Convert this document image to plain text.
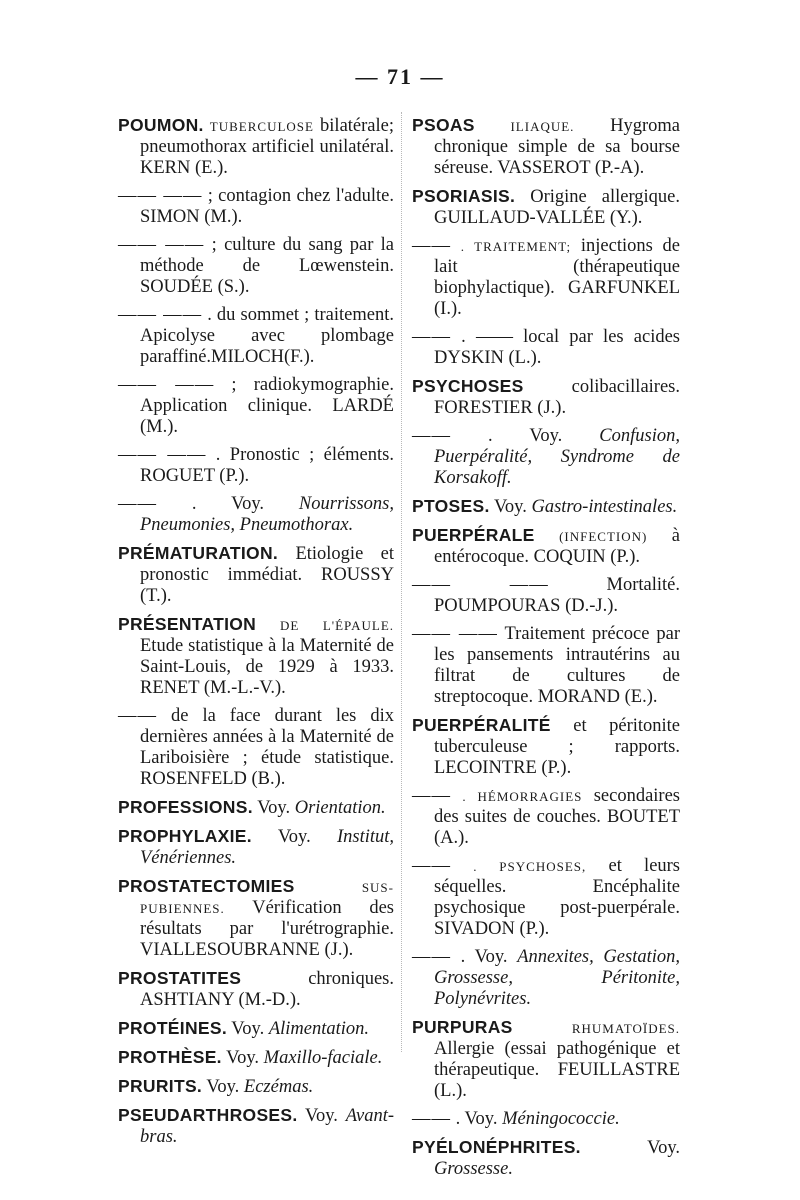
— 71 —

POUMON. TUBERCULOSE bilatérale; pneumothorax artificiel unilatéral. KERN (E.).

—— —— ; contagion chez l'adulte. SIMON (M.).

—— —— ; culture du sang par la méthode de Lœwenstein. SOUDÉE (S.).

—— —— . du sommet ; traitement. Apicolyse avec plombage paraffiné.MILOCH(F.).

—— —— ; radiokymographie. Application clinique. LARDÉ (M.).

—— —— . Pronostic ; éléments. ROGUET (P.).

—— . Voy. Nourrissons, Pneumonies, Pneumothorax.

PRÉMATURATION. Etiologie et pronostic immédiat. ROUSSY (T.).

PRÉSENTATION DE L'ÉPAULE. Etude statistique à la Maternité de Saint-Louis, de 1929 à 1933. RENET (M.-L.-V.).

—— de la face durant les dix dernières années à la Maternité de Lariboisière ; étude statistique. ROSENFELD (B.).

PROFESSIONS. Voy. Orientation.

PROPHYLAXIE. Voy. Institut, Vénériennes.

PROSTATECTOMIES	SUS-PUBIENNES. Vérification des résultats par l'urétrographie. VIALLESOUBRANNE (J.).

PROSTATITES	chroniques. ASHTIANY (M.-D.).

PROTÉINES. Voy. Alimentation.

PROTHÈSE. Voy. Maxillo-faciale.

PRURITS. Voy. Eczémas.

PSEUDARTHROSES. Voy. Avant-bras.

PSOAS	ILIAQUE. Hygroma chronique simple de sa bourse séreuse. VASSEROT (P.-A).

PSORIASIS. Origine allergique. GUILLAUD-VALLÉE (Y.).

—— . TRAITEMENT; injections de lait (thérapeutique biophylactique). GARFUNKEL (I.).

—— . —— local par les acides DYSKIN (L.).

PSYCHOSES	colibacillaires. FORESTIER (J.).

—— . Voy. Confusion, Puerpéralité, Syndrome de Korsakoff.

PTOSES. Voy. Gastro-intestinales.

PUERPÉRALE (INFECTION) à entérocoque. COQUIN (P.).

—— ——	Mortalité. POUMPOURAS (D.-J.).

—— —— Traitement précoce par les pansements intrautérins au filtrat de cultures de streptocoque. MORAND (E.).

PUERPÉRALITÉ et péritonite tuberculeuse ; rapports. LECOINTRE (P.).

—— . HÉMORRAGIES secondaires des suites de couches. BOUTET (A.).

—— . PSYCHOSES, et leurs séquelles. Encéphalite psychosique post-puerpérale. SIVADON (P.).

—— . Voy. Annexites, Gestation, Grossesse, Péritonite, Polynévrites.

PURPURAS	RHUMATOÏDES. Allergie (essai pathogénique et thérapeutique. FEUILLASTRE (L.).

—— . Voy. Méningococcie.

PYÉLONÉPHRITES.	Voy. Grossesse.
